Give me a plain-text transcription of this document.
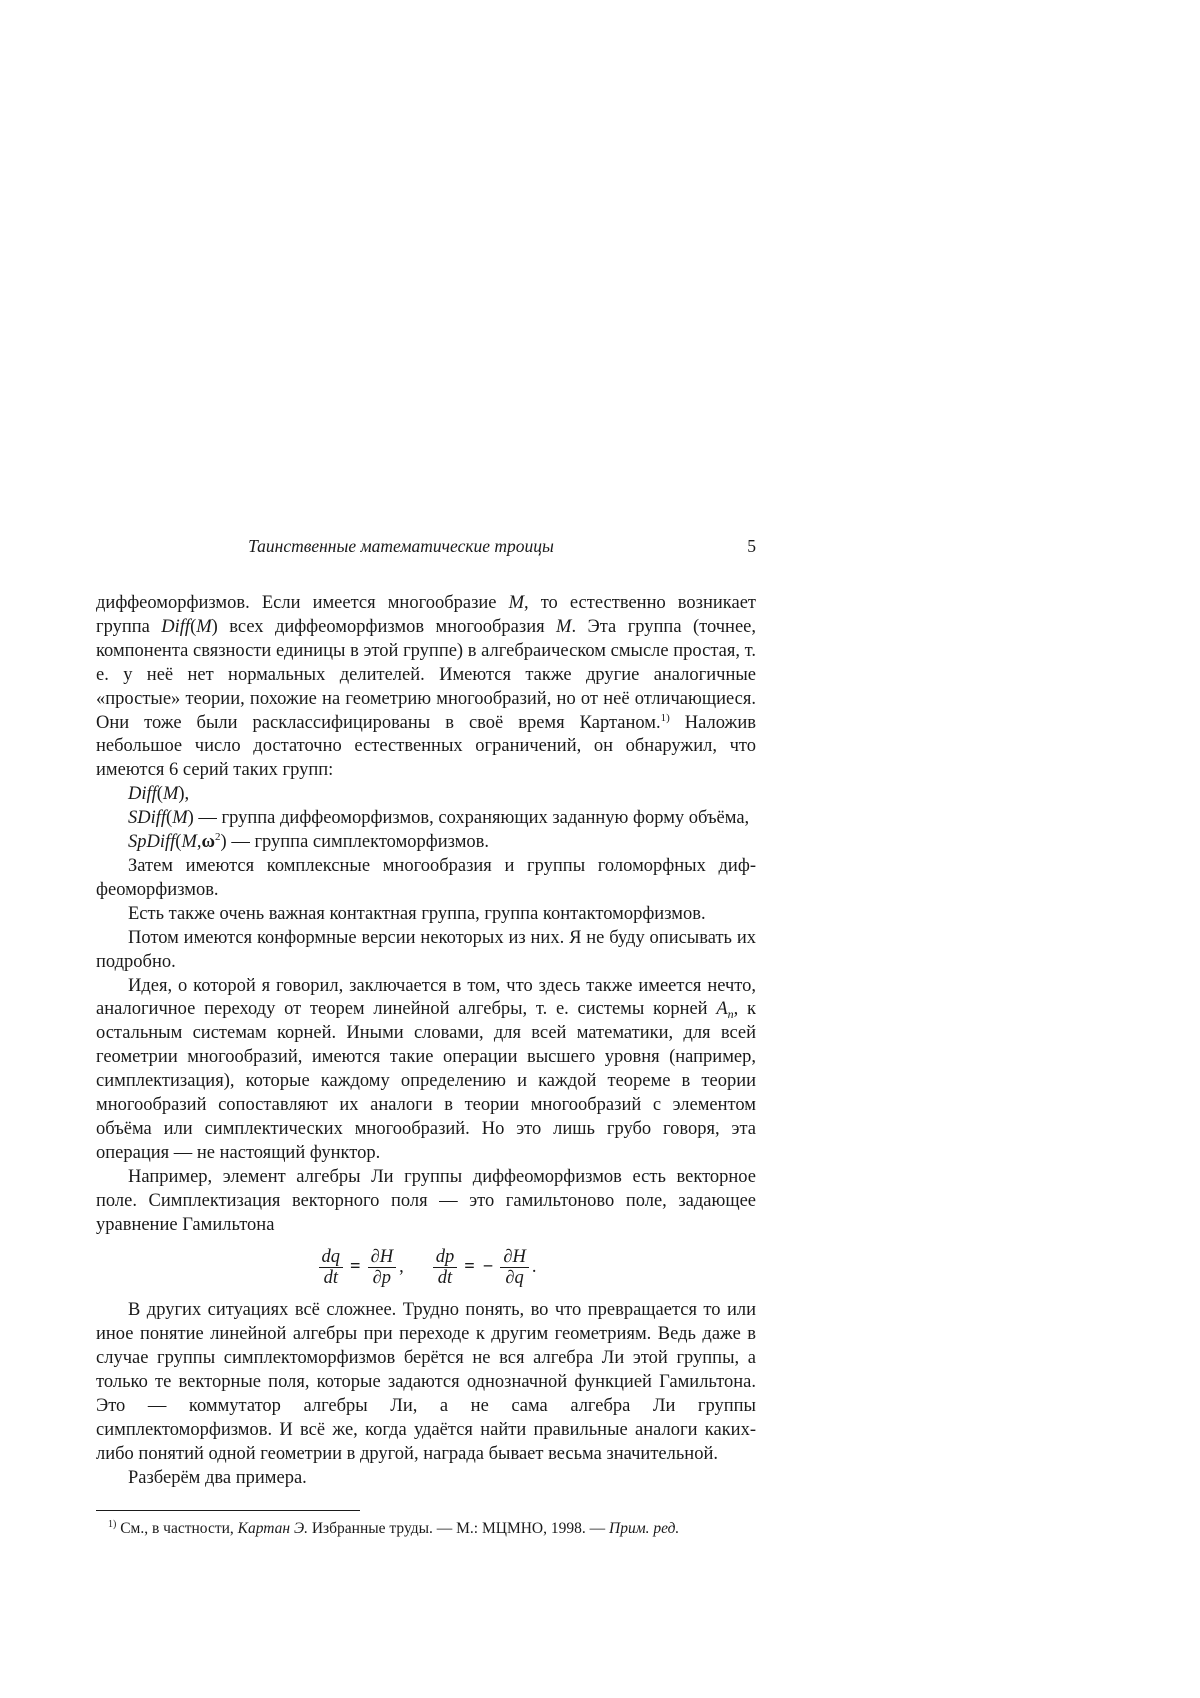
Таинственные математические троицы	5

диффеоморфизмов. Если имеется многообразие M, то естественно возникает группа Diff(M) всех диффеоморфизмов многообразия M. Эта группа (точнее, компонента связности единицы в этой группе) в алгебраическом смысле простая, т. е. у неё нет нормальных делителей. Имеются также другие аналогичные «простые» теории, похожие на геометрию многообразий, но от неё отличающиеся. Они тоже были расклассифицированы в своё время Картаном.$^{1)}$ Наложив небольшое число достаточно естественных ограничений, он обнаружил, что имеются 6 серий таких групп:

Diff(M),

SDiff(M) — группа диффеоморфизмов, сохраняющих заданную форму объёма,

$SpDiff(M,\omega^2)$ — группа симплектоморфизмов.

Затем имеются комплексные многообразия и группы голоморфных диффеоморфизмов.

Есть также очень важная контактная группа, группа контактоморфизмов.

Потом имеются конформные версии некоторых из них. Я не буду описывать их подробно.

Идея, о которой я говорил, заключается в том, что здесь также имеется нечто, аналогичное переходу от теорем линейной алгебры, т. е. системы корней $A_n$, к остальным системам корней. Иными словами, для всей математики, для всей геометрии многообразий, имеются такие операции высшего уровня (например, симплектизация), которые каждому определению и каждой теореме в теории многообразий сопоставляют их аналоги в теории многообразий с элементом объёма или симплектических многообразий. Но это лишь грубо говоря, эта операция — не настоящий функтор.

Например, элемент алгебры Ли группы диффеоморфизмов есть векторное поле. Симплектизация векторного поля — это гамильтоново поле, задающее уравнение Гамильтона

$\frac{dq}{dt} = \frac{\partial H}{\partial p}$ , $\frac{dp}{dt}$ = − $\frac{\partial H}{\partial q}$ .

В других ситуациях всё сложнее. Трудно понять, во что превращается то или иное понятие линейной алгебры при переходе к другим геометриям. Ведь даже в случае группы симплектоморфизмов берётся не вся алгебра Ли этой группы, а только те векторные поля, которые задаются однозначной функцией Гамильтона. Это — коммутатор алгебры Ли, а не сама алгебра Ли группы симплектоморфизмов. И всё же, когда удаётся найти правильные аналоги каких-либо понятий одной геометрии в другой, награда бывает весьма значительной.

Разберём два примера.

$^{1)}$ См., в частности, Картан Э. Избранные труды. — М.: МЦМНО, 1998. — Прим. ред.
